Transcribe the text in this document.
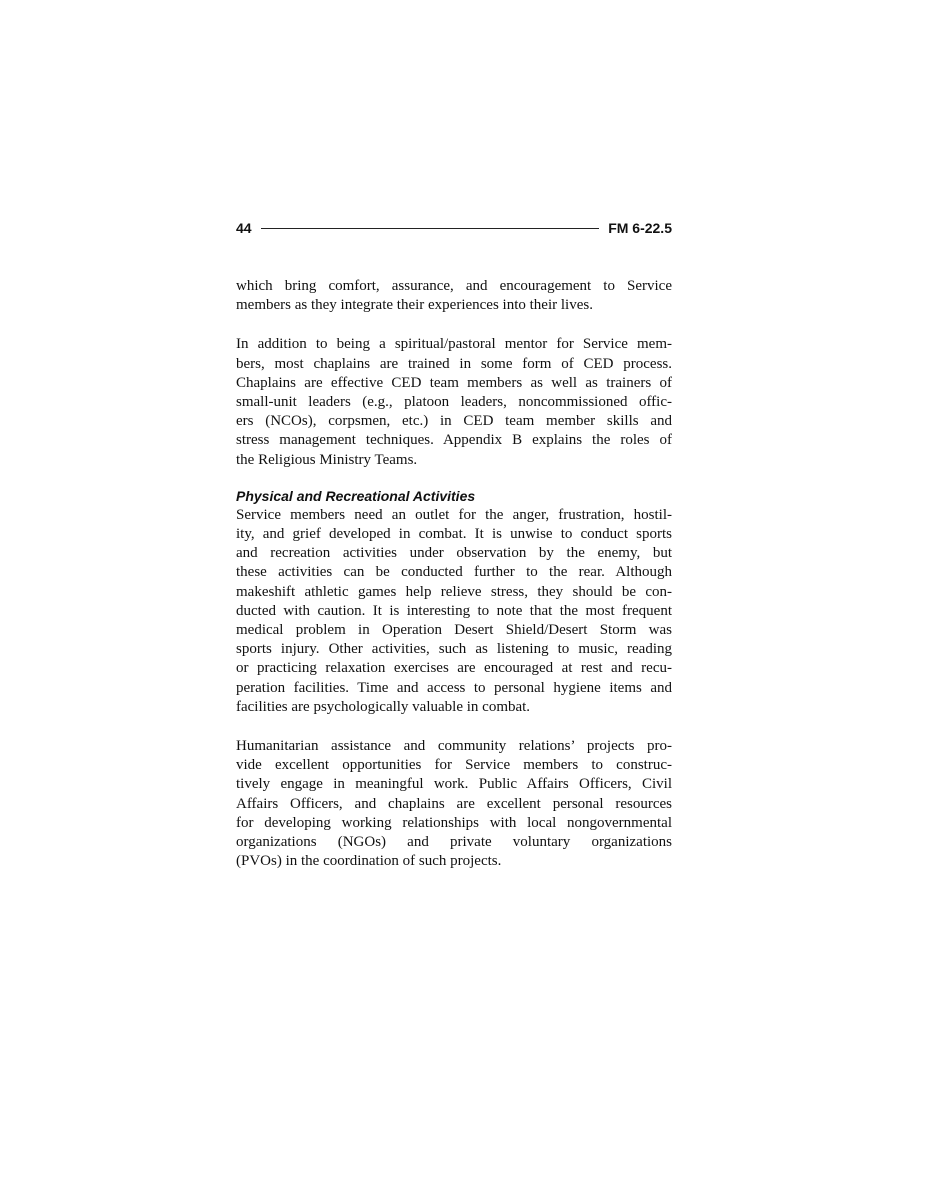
44	FM 6-22.5

which bring comfort, assurance, and encouragement to Service
members as they integrate their experiences into their lives.

In addition to being a spiritual/pastoral mentor for Service mem-
bers, most chaplains are trained in some form of CED process.
Chaplains are effective CED team members as well as trainers of
small-unit leaders (e.g., platoon leaders, noncommissioned offic-
ers (NCOs), corpsmen, etc.) in CED team member skills and
stress management techniques. Appendix B explains the roles of
the Religious Ministry Teams.

Physical and Recreational Activities

Service members need an outlet for the anger, frustration, hostil-
ity, and grief developed in combat. It is unwise to conduct sports
and recreation activities under observation by the enemy, but
these activities can be conducted further to the rear. Although
makeshift athletic games help relieve stress, they should be con-
ducted with caution. It is interesting to note that the most frequent
medical problem in Operation Desert Shield/Desert Storm was
sports injury. Other activities, such as listening to music, reading
or practicing relaxation exercises are encouraged at rest and recu-
peration facilities. Time and access to personal hygiene items and
facilities are psychologically valuable in combat.

Humanitarian assistance and community relations’ projects pro-
vide excellent opportunities for Service members to construc-
tively engage in meaningful work. Public Affairs Officers, Civil
Affairs Officers, and chaplains are excellent personal resources
for developing working relationships with local nongovernmental
organizations (NGOs) and private voluntary organizations
(PVOs) in the coordination of such projects.
